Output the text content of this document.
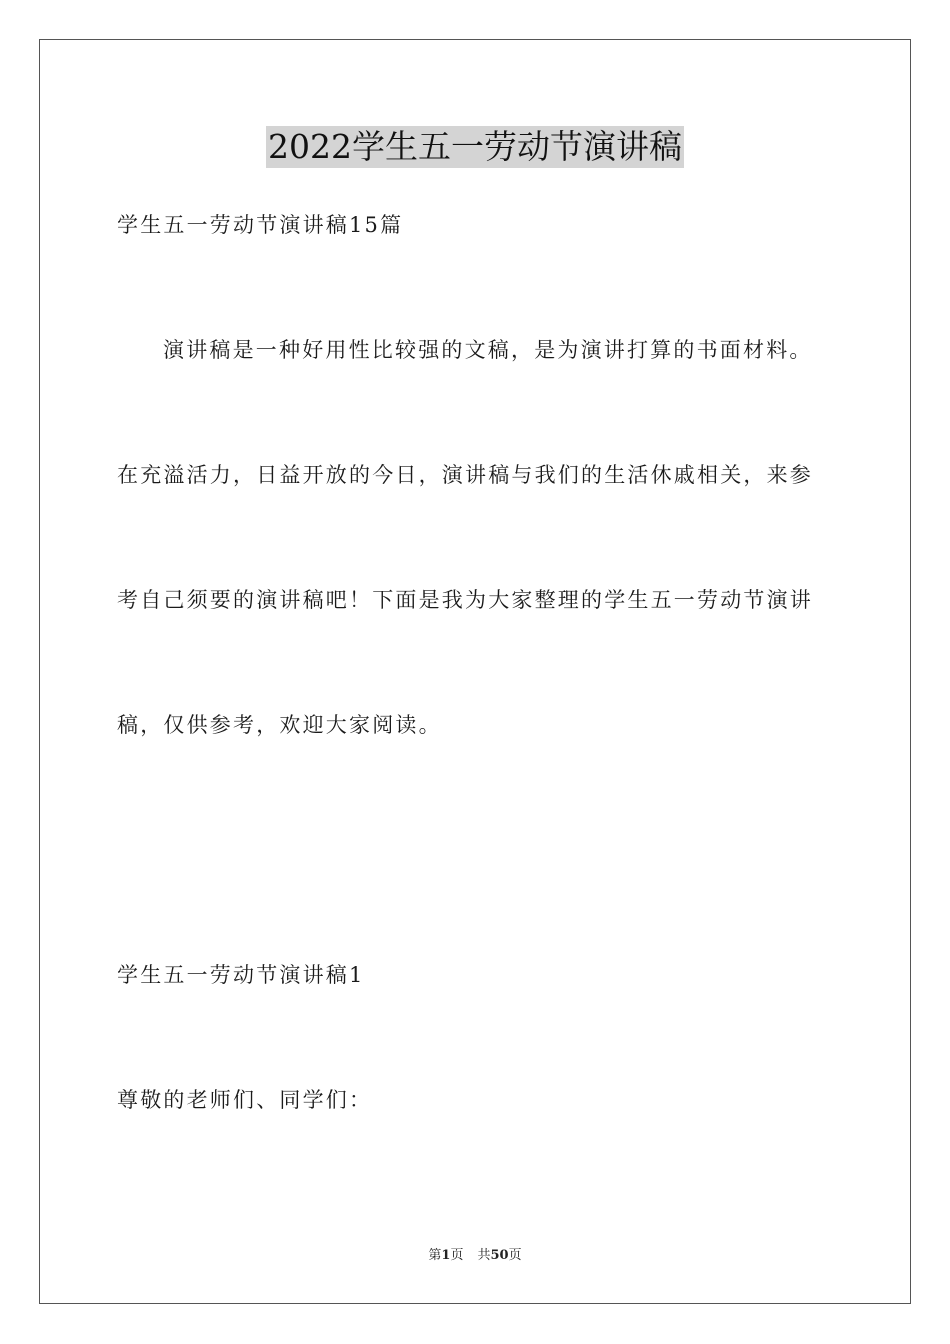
2022学生五一劳动节演讲稿
学生五一劳动节演讲稿15篇
演讲稿是一种好用性比较强的文稿，是为演讲打算的书面材料。
在充溢活力，日益开放的今日，演讲稿与我们的生活休戚相关，来参
考自己须要的演讲稿吧！下面是我为大家整理的学生五一劳动节演讲
稿，仅供参考，欢迎大家阅读。
学生五一劳动节演讲稿1
尊敬的老师们、同学们：
第1页 共50页
